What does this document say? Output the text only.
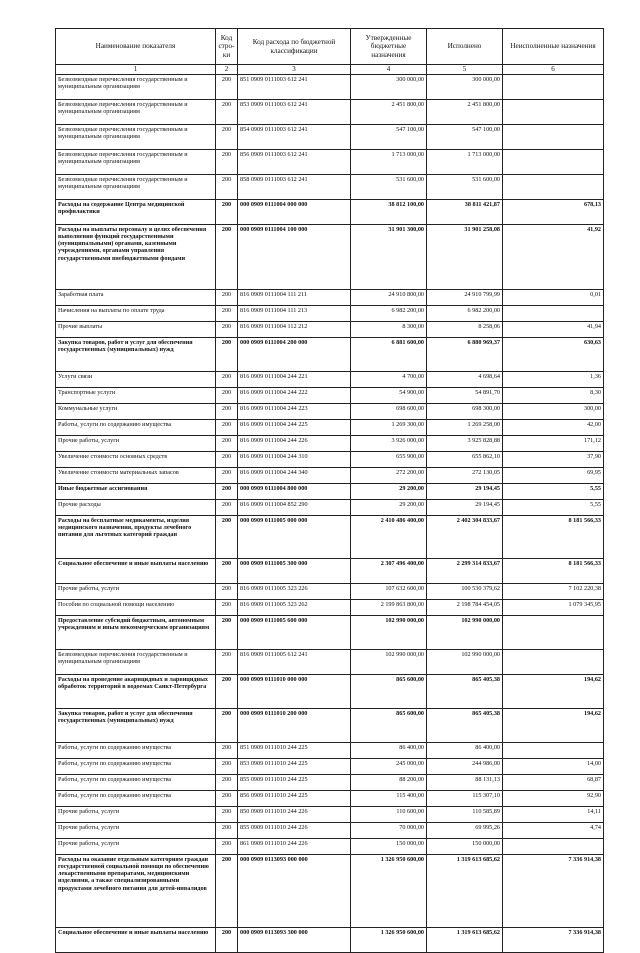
Наименование показателя	Код стро-ки	Код расхода по бюджетной классификации	Утвержденные бюджетные назначения	Исполнено	Неисполненные назначения
1	2	3	4	5	6
Безвозмездные перечисления государственным и муниципальным организациям	200	851 0909 0111003 612 241	300 000,00	300 000,00	
Безвозмездные перечисления государственным и муниципальным организациям	200	853 0909 0111003 612 241	2 451 800,00	2 451 800,00	
Безвозмездные перечисления государственным и муниципальным организациям	200	854 0909 0111003 612 241	547 100,00	547 100,00	
Безвозмездные перечисления государственным и муниципальным организациям	200	856 0909 0111003 612 241	1 713 000,00	1 713 000,00	
Безвозмездные перечисления государственным и муниципальным организациям	200	858 0909 0111003 612 241	531 600,00	531 600,00	
Расходы на содержание Центра медицинской профилактики	200	000 0909 0111004 000 000	38 812 100,00	38 811 421,87	678,13
Расходы на выплаты персоналу в целях обеспечения выполнения функций государственными (муниципальными) органами, казенными учреждениями, органами управления государственными внебюджетными фондами	200	000 0909 0111004 100 000	31 901 300,00	31 901 258,08	41,92
Заработная плата	200	816 0909 0111004 111 211	24 910 800,00	24 910 799,99	0,01
Начисления на выплаты по оплате труда	200	816 0909 0111004 111 213	6 982 200,00	6 982 200,00	
Прочие выплаты	200	816 0909 0111004 112 212	8 300,00	8 258,06	41,94
Закупка товаров, работ и услуг для обеспечения государственных (муниципальных) нужд	200	000 0909 0111004 200 000	6 881 600,00	6 880 969,37	630,63
Услуги связи	200	816 0909 0111004 244 221	4 700,00	4 698,64	1,36
Транспортные услуги	200	816 0909 0111004 244 222	54 900,00	54 891,70	8,30
Коммунальные услуги	200	816 0909 0111004 244 223	698 600,00	698 300,00	300,00
Работы, услуги по содержанию имущества	200	816 0909 0111004 244 225	1 269 300,00	1 269 258,00	42,00
Прочие работы, услуги	200	816 0909 0111004 244 226	3 926 000,00	3 925 828,88	171,12
Увеличение стоимости основных средств	200	816 0909 0111004 244 310	655 900,00	655 862,10	37,90
Увеличение стоимости материальных запасов	200	816 0909 0111004 244 340	272 200,00	272 130,05	69,95
Иные бюджетные ассигнования	200	000 0909 0111004 800 000	29 200,00	29 194,45	5,55
Прочие расходы	200	816 0909 0111004 852 290	29 200,00	29 194,45	5,55
Расходы на бесплатные медикаменты, изделия медицинского назначения, продукты лечебного питания для льготных категорий граждан	200	000 0909 0111005 000 000	2 410 486 400,00	2 402 304 833,67	8 181 566,33
Социальное обеспечение и иные выплаты населению	200	000 0909 0111005 300 000	2 307 496 400,00	2 299 314 833,67	8 181 566,33
Прочие работы, услуги	200	816 0909 0111005 323 226	107 632 600,00	100 530 379,62	7 102 220,38
Пособия по социальной помощи населению	200	816 0909 0111005 323 262	2 199 863 800,00	2 198 784 454,05	1 079 345,95
Предоставление субсидий бюджетным, автономным учреждениям и иным некоммерческим организациям	200	000 0909 0111005 600 000	102 990 000,00	102 990 000,00	
Безвозмездные перечисления государственным и муниципальным организациям	200	816 0909 0111005 612 241	102 990 000,00	102 990 000,00	
Расходы на проведение акарицидных и ларвицидных обработок территорий в водоемах Санкт-Петербурга	200	000 0909 0111010 000 000	865 600,00	865 405,38	194,62
Закупка товаров, работ и услуг для обеспечения государственных (муниципальных) нужд	200	000 0909 0111010 200 000	865 600,00	865 405,38	194,62
Работы, услуги по содержанию имущества	200	851 0909 0111010 244 225	86 400,00	86 400,00	
Работы, услуги по содержанию имущества	200	853 0909 0111010 244 225	245 000,00	244 986,00	14,00
Работы, услуги по содержанию имущества	200	855 0909 0111010 244 225	88 200,00	88 131,13	68,87
Работы, услуги по содержанию имущества	200	856 0909 0111010 244 225	115 400,00	115 307,10	92,90
Прочие работы, услуги	200	850 0909 0111010 244 226	110 600,00	110 585,89	14,11
Прочие работы, услуги	200	855 0909 0111010 244 226	70 000,00	69 995,26	4,74
Прочие работы, услуги	200	861 0909 0111010 244 226	150 000,00	150 000,00	
Расходы на оказание отдельным категориям граждан государственной социальной помощи по обеспечению лекарственными препаратами, медицинскими изделиями, а также специализированными продуктами лечебного питания для детей-инвалидов	200	000 0909 0113093 000 000	1 326 950 600,00	1 319 613 685,62	7 336 914,38
Социальное обеспечение и иные выплаты населению	200	000 0909 0113093 300 000	1 326 950 600,00	1 319 613 685,62	7 336 914,38
